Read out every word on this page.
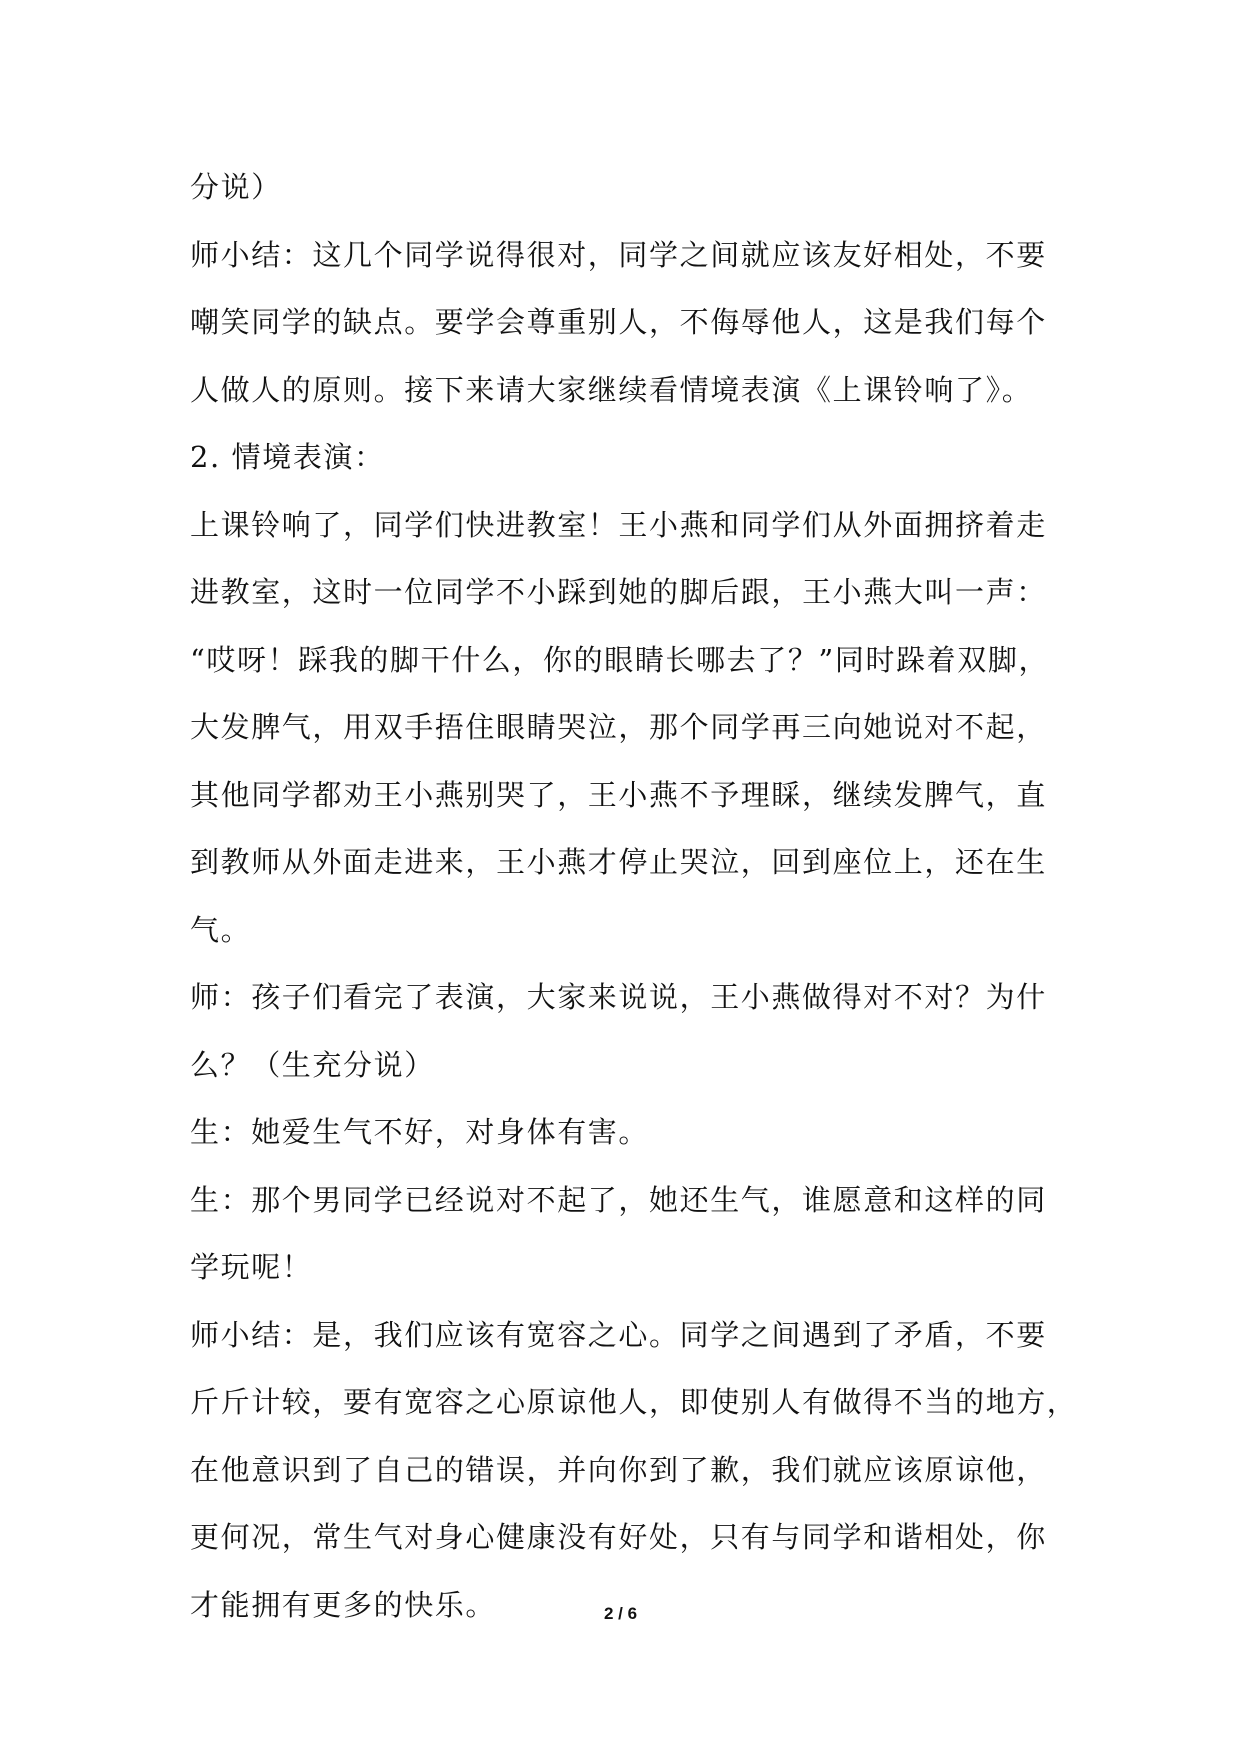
分说）
师小结：这几个同学说得很对，同学之间就应该友好相处，不要
嘲笑同学的缺点。要学会尊重别人，不侮辱他人，这是我们每个
人做人的原则。接下来请大家继续看情境表演《上课铃响了》。
2. 情境表演：
上课铃响了，同学们快进教室！王小燕和同学们从外面拥挤着走
进教室，这时一位同学不小踩到她的脚后跟，王小燕大叫一声：
“哎呀！踩我的脚干什么，你的眼睛长哪去了？”同时跺着双脚，
大发脾气，用双手捂住眼睛哭泣，那个同学再三向她说对不起，
其他同学都劝王小燕别哭了，王小燕不予理睬，继续发脾气，直
到教师从外面走进来，王小燕才停止哭泣，回到座位上，还在生
气。
师：孩子们看完了表演，大家来说说，王小燕做得对不对？为什
么？（生充分说）
生：她爱生气不好，对身体有害。
生：那个男同学已经说对不起了，她还生气，谁愿意和这样的同
学玩呢！
师小结：是，我们应该有宽容之心。同学之间遇到了矛盾，不要
斤斤计较，要有宽容之心原谅他人，即使别人有做得不当的地方，
在他意识到了自己的错误，并向你到了歉，我们就应该原谅他，
更何况，常生气对身心健康没有好处，只有与同学和谐相处，你
才能拥有更多的快乐。	2 / 6
